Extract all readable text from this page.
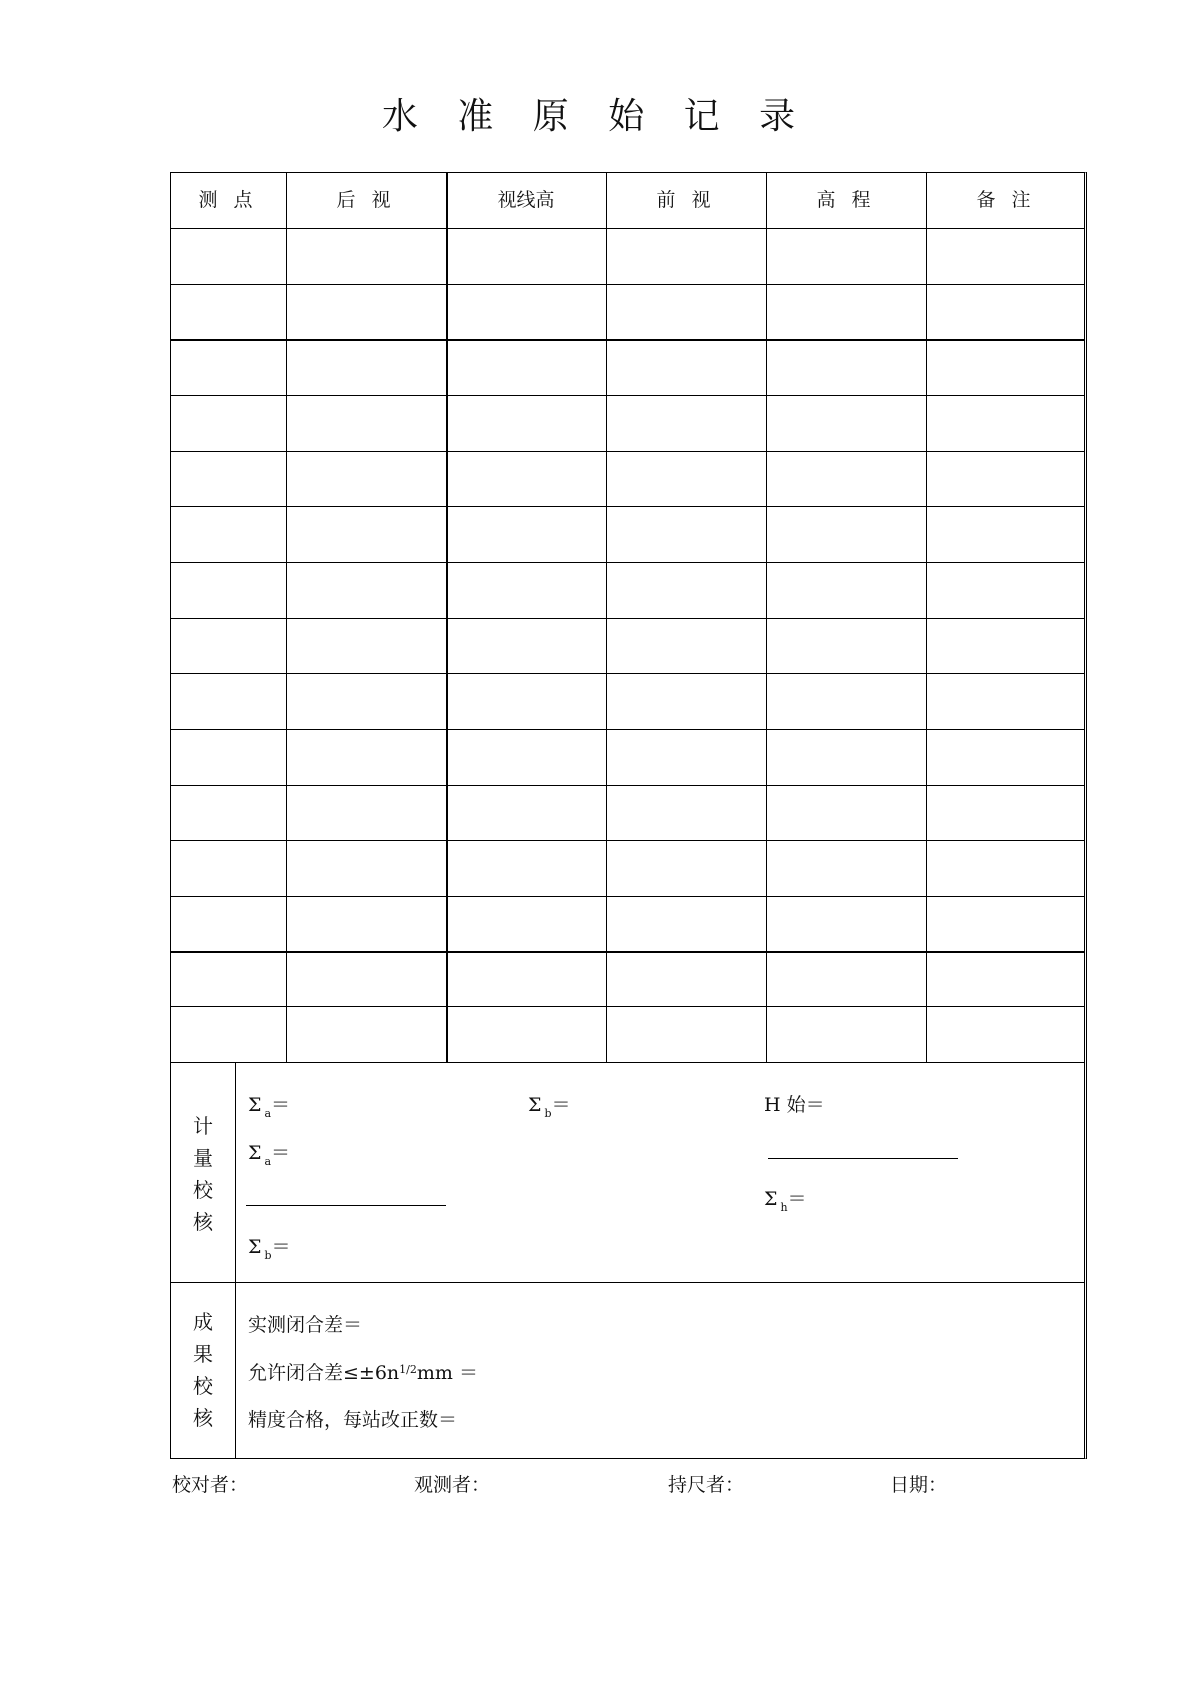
水 准 原 始 记 录
测 点	后 视	视线高	前 视	高 程	备 注
计
量
校
核
Σ $_a$＝	Σ $_b$＝	H 始＝
Σ $_a$＝
Σ $_h$＝
Σ $_b$＝
成
果
校
核
实测闭合差＝
允许闭合差$\le\pm 6n^{1/2}mm$ ＝
精度合格，每站改正数＝
校对者：	观测者：	持尺者：	日期：
